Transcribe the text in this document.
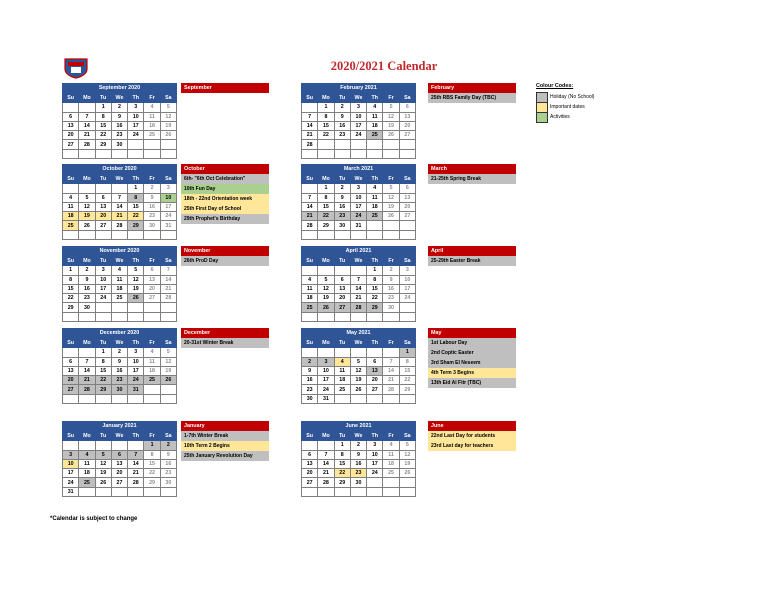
2020/2021 Calendar
September 2020
Su	Mo	Tu	We	Th	Fr	Sa
		1	2	3	4	5
6	7	8	9	10	11	12
13	14	15	16	17	18	19
20	21	22	23	24	25	26
27	28	29	30			

September
October 2020
Su	Mo	Tu	We	Th	Fr	Sa
				1	2	3
4	5	6	7	8	9	10
11	12	13	14	15	16	17
18	19	20	21	22	23	24
25	26	27	28	29	30	31

October
6th- "6th Oct Celebration"
10th Fun Day
18th - 22nd Orientation week
25th First Day of School
29th Prophet's Birthday
November 2020
Su	Mo	Tu	We	Th	Fr	Sa
1	2	3	4	5	6	7
8	9	10	11	12	13	14
15	16	17	18	19	20	21
22	23	24	25	26	27	28
29	30					

November
26th ProD Day
December 2020
Su	Mo	Tu	We	Th	Fr	Sa
		1	2	3	4	5
6	7	8	9	10	11	12
13	14	15	16	17	18	19
20	21	22	23	24	25	26
27	28	29	30	31		

December
20-31st Winter Break
January 2021
Su	Mo	Tu	We	Th	Fr	Sa
					1	2
3	4	5	6	7	8	9
10	11	12	13	14	15	16
17	18	19	20	21	22	23
24	25	26	27	28	29	30
31						
January
1-7th Winter Break
10th Term 2 Begins
25th January Revolution Day
February 2021
Su	Mo	Tu	We	Th	Fr	Sa
	1	2	3	4	5	6
7	8	9	10	11	12	13
14	15	16	17	18	19	20
21	22	23	24	25	26	27
28						

February
25th RBS Family Day (TBC)
March 2021
Su	Mo	Tu	We	Th	Fr	Sa
	1	2	3	4	5	6
7	8	9	10	11	12	13
14	15	16	17	18	19	20
21	22	23	24	25	26	27
28	29	30	31			

March
21-25th Spring Break
April 2021
Su	Mo	Tu	We	Th	Fr	Sa
				1	2	3
4	5	6	7	8	9	10
11	12	13	14	15	16	17
18	19	20	21	22	23	24
25	26	27	28	29	30	

April
25-29th Easter Break
May 2021
Su	Mo	Tu	We	Th	Fr	Sa
						1
2	3	4	5	6	7	8
9	10	11	12	13	14	15
16	17	18	19	20	21	22
23	24	25	26	27	28	29
30	31					
May
1st Labour Day
2nd Coptic Easter
3rd Sham El Neseem
4th Term 3 Begins
13th Eid Al Fitr (TBC)
June 2021
Su	Mo	Tu	We	Th	Fr	Sa
		1	2	3	4	5
6	7	8	9	10	11	12
13	14	15	16	17	18	19
20	21	22	23	24	25	26
27	28	29	30			

June
22nd Last Day for students
23rd Last day for teachers
Colour Codes:
Holiday (No School)
Important dates
Activities
*Calendar is subject to change
